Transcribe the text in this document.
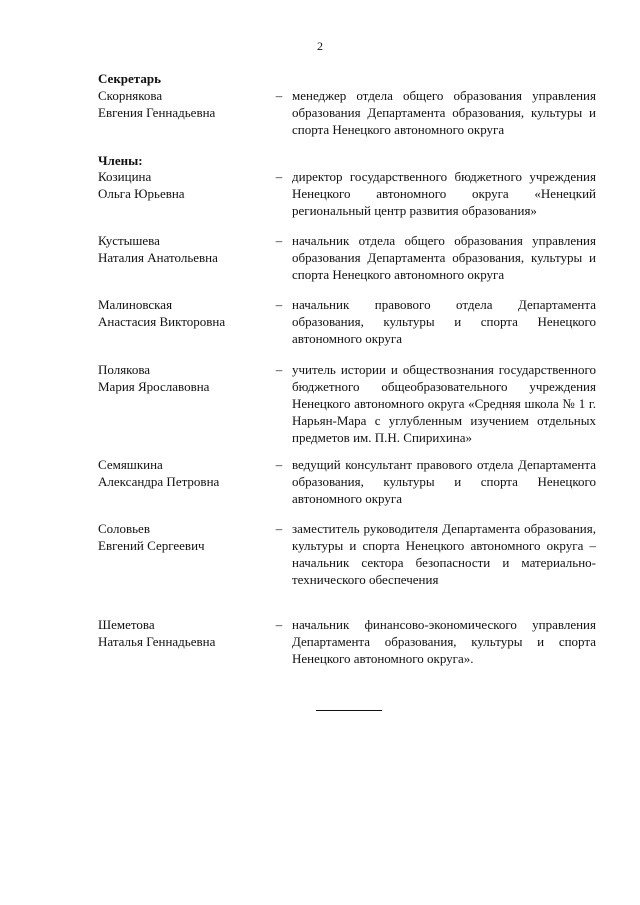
2
Секретарь
Скорнякова
Евгения Геннадьевна
– менеджер отдела общего образования управления образования Департамента образования, культуры и спорта Ненецкого автономного округа
Члены:
Козицина
Ольга Юрьевна
– директор государственного бюджетного учреждения Ненецкого автономного округа «Ненецкий региональный центр развития образования»
Кустышева
Наталия Анатольевна
– начальник отдела общего образования управления образования Департамента образования, культуры и спорта Ненецкого автономного округа
Малиновская
Анастасия Викторовна
– начальник правового отдела Департамента образования, культуры и спорта Ненецкого автономного округа
Полякова
Мария Ярославовна
– учитель истории и обществознания государственного бюджетного общеобразовательного учреждения Ненецкого автономного округа «Средняя школа № 1 г. Нарьян-Мара с углубленным изучением отдельных предметов им. П.Н. Спирихина»
Семяшкина
Александра Петровна
– ведущий консультант правового отдела Департамента образования, культуры и спорта Ненецкого автономного округа
Соловьев
Евгений Сергеевич
– заместитель руководителя Департамента образования, культуры и спорта Ненецкого автономного округа – начальник сектора безопасности и материально-технического обеспечения
Шеметова
Наталья Геннадьевна
– начальник финансово-экономического управления Департамента образования, культуры и спорта Ненецкого автономного округа».
